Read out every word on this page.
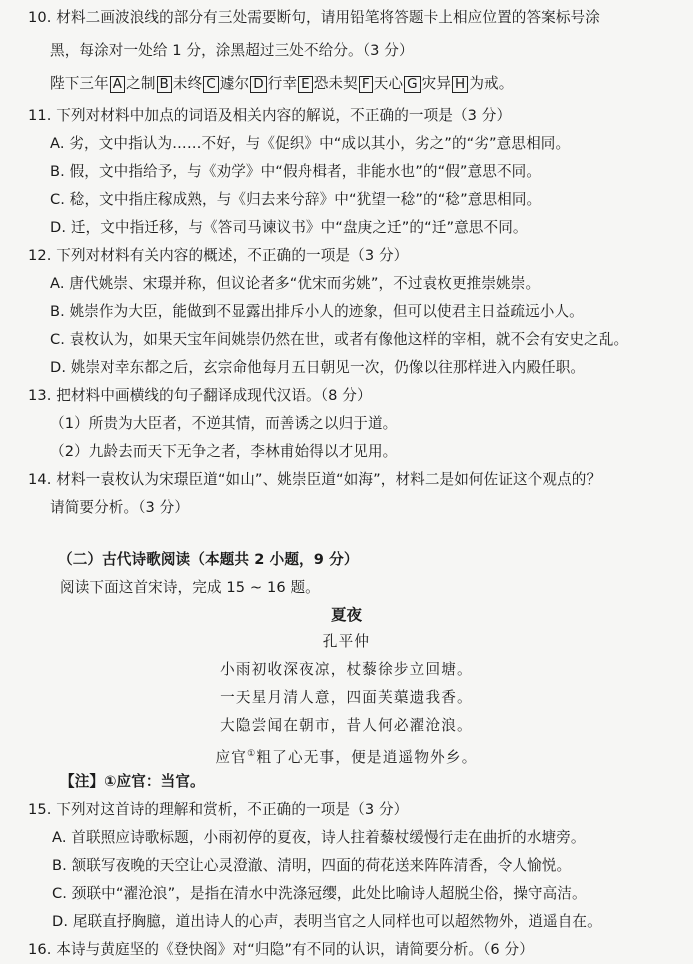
10. 材料二画波浪线的部分有三处需要断句，请用铅笔将答题卡上相应位置的答案标号涂
黑，每涂对一处给 1 分，涂黑超过三处不给分。（3 分）
陛下三年 A 之制 B 未终 C 遽尔 D 行幸 E 恐未契 F 天心 G 灾异 H 为戒。
11. 下列对材料中加点的词语及相关内容的解说，不正确的一项是（3 分）
A. 劣，文中指认为……不好，与《促织》中“成以其小，劣之”的“劣”意思相同。
B. 假，文中指给予，与《劝学》中“假舟楫者，非能水也”的“假”意思不同。
C. 稔，文中指庄稼成熟，与《归去来兮辞》中“犹望一稔”的“稔”意思相同。
D. 迁，文中指迁移，与《答司马谏议书》中“盘庚之迁”的“迁”意思不同。
12. 下列对材料有关内容的概述，不正确的一项是（3 分）
A. 唐代姚崇、宋璟并称，但议论者多“优宋而劣姚”，不过袁枚更推崇姚崇。
B. 姚崇作为大臣，能做到不显露出排斥小人的迹象，但可以使君主日益疏远小人。
C. 袁枚认为，如果天宝年间姚崇仍然在世，或者有像他这样的宰相，就不会有安史之乱。
D. 姚崇对幸东都之后，玄宗命他每月五日朝见一次，仍像以往那样进入内殿任职。
13. 把材料中画横线的句子翻译成现代汉语。（8 分）
（1）所贵为大臣者，不逆其情，而善诱之以归于道。
（2）九龄去而天下无争之者，李林甫始得以才见用。
14. 材料一袁枚认为宋璟臣道“如山”、姚崇臣道“如海”，材料二是如何佐证这个观点的？
请简要分析。（3 分）
（二）古代诗歌阅读（本题共 2 小题，9 分）
阅读下面这首宋诗，完成 15 ~ 16 题。
夏夜
孔平仲
小雨初收深夜凉，杖藜徐步立回塘。
一天星月清人意，四面芙蕖遗我香。
大隐尝闻在朝市，昔人何必濯沧浪。
应官①粗了心无事，便是逍遥物外乡。
【注】①应官：当官。
15. 下列对这首诗的理解和赏析，不正确的一项是（3 分）
A. 首联照应诗歌标题，小雨初停的夏夜，诗人拄着藜杖缓慢行走在曲折的水塘旁。
B. 颔联写夜晚的天空让心灵澄澈、清明，四面的荷花送来阵阵清香，令人愉悦。
C. 颈联中“濯沧浪”，是指在清水中洗涤冠缨，此处比喻诗人超脱尘俗，操守高洁。
D. 尾联直抒胸臆，道出诗人的心声，表明当官之人同样也可以超然物外，逍遥自在。
16. 本诗与黄庭坚的《登快阁》对“归隐”有不同的认识，请简要分析。（6 分）
